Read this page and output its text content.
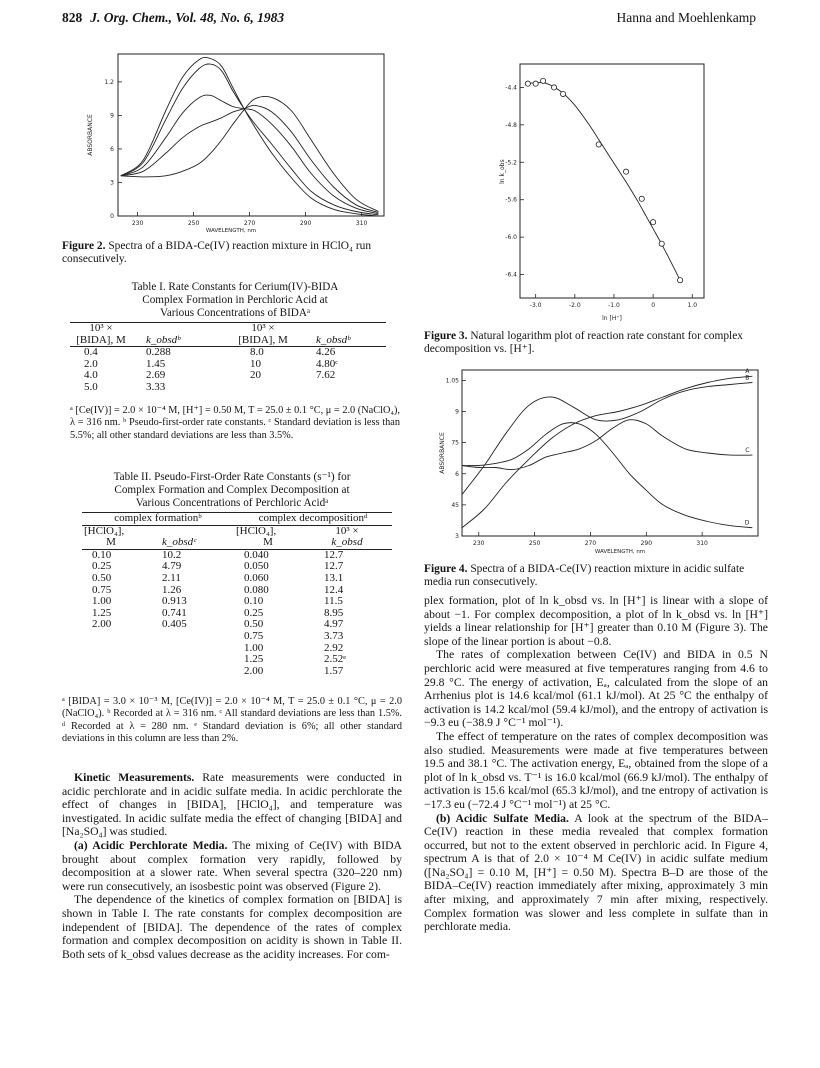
828 J. Org. Chem., Vol. 48, No. 6, 1983	Hanna and Moehlenkamp
230	250	270	290	310
0
3
6
9
1.2
WAVELENGTH, nm
ABSORBANCE
Figure 2. Spectra of a BIDA-Ce(IV) reaction mixture in HClO₄ run consecutively.
Table I. Rate Constants for Cerium(IV)-BIDA
Complex Formation in Perchloric Acid at
Various Concentrations of BIDAᵃ
10³ ×		10³ ×	
[BIDA], M	k_obsdᵇ	[BIDA], M	k_obsdᵇ
0.4	0.288	8.0	4.26
2.0	1.45	10	4.80ᶜ
4.0	2.69	20	7.62
5.0	3.33		
ᵃ [Ce(IV)] = 2.0 × 10⁻⁴ M, [H⁺] = 0.50 M, T = 25.0 ± 0.1 °C, μ = 2.0 (NaClO₄), λ = 316 nm. ᵇ Pseudo-first-order rate constants. ᶜ Standard deviation is less than 5.5%; all other standard deviations are less than 3.5%.
Table II. Pseudo-First-Order Rate Constants (s⁻¹) for
Complex Formation and Complex Decomposition at
Various Concentrations of Perchloric Acidᵃ
complex formationᵇ		complex decompositionᵈ	
[HClO₄],		[HClO₄],	10³ ×
M	k_obsdᶜ	M	k_obsd
0.10	10.2	0.040	12.7
0.25	4.79	0.050	12.7
0.50	2.11	0.060	13.1
0.75	1.26	0.080	12.4
1.00	0.913	0.10	11.5
1.25	0.741	0.25	8.95
2.00	0.405	0.50	4.97
		0.75	3.73
		1.00	2.92
		1.25	2.52ᵉ
		2.00	1.57
ᵃ [BIDA] = 3.0 × 10⁻³ M, [Ce(IV)] = 2.0 × 10⁻⁴ M, T = 25.0 ± 0.1 °C, μ = 2.0 (NaClO₄). ᵇ Recorded at λ = 316 nm. ᶜ All standard deviations are less than 1.5%. ᵈ Recorded at λ = 280 nm. ᵉ Standard deviation is 6%; all other standard deviations in this column are less than 2%.

Kinetic Measurements. Rate measurements were conducted in acidic perchlorate and in acidic sulfate media. In acidic perchlorate the effect of changes in [BIDA], [HClO₄], and temperature was investigated. In acidic sulfate media the effect of changing [BIDA] and [Na₂SO₄] was studied.

(a) Acidic Perchlorate Media. The mixing of Ce(IV) with BIDA brought about complex formation very rapidly, followed by decomposition at a slower rate. When several spectra (320–220 nm) were run consecutively, an isosbestic point was observed (Figure 2).

The dependence of the kinetics of complex formation on [BIDA] is shown in Table I. The rate constants for complex decomposition are independent of [BIDA]. The dependence of the rates of complex formation and complex decomposition on acidity is shown in Table II. Both sets of k_obsd values decrease as the acidity increases. For com-

-3.0	-2.0	-1.0	0	1.0
-4.4
-4.8
-5.2
-5.6
-6.0
-6.4
ln [H⁺]
ln k_obs
Figure 3. Natural logarithm plot of reaction rate constant for complex decomposition vs. [H⁺].
230	250	270	290	310
3
45
6
75
9
1.05
WAVELENGTH, nm
ABSORBANCE
A
B
C
D
Figure 4. Spectra of a BIDA-Ce(IV) reaction mixture in acidic sulfate media run consecutively.

plex formation, plot of ln k_obsd vs. ln [H⁺] is linear with a slope of about −1. For complex decomposition, a plot of ln k_obsd vs. ln [H⁺] yields a linear relationship for [H⁺] greater than 0.10 M (Figure 3). The slope of the linear portion is about −0.8.

The rates of complexation between Ce(IV) and BIDA in 0.5 N perchloric acid were measured at five temperatures ranging from 4.6 to 29.8 °C. The energy of activation, Eₐ, calculated from the slope of an Arrhenius plot is 14.6 kcal/mol (61.1 kJ/mol). At 25 °C the enthalpy of activation is 14.2 kcal/mol (59.4 kJ/mol), and the entropy of activation is −9.3 eu (−38.9 J °C⁻¹ mol⁻¹).

The effect of temperature on the rates of complex decomposition was also studied. Measurements were made at five temperatures between 19.5 and 38.1 °C. The activation energy, Eₐ, obtained from the slope of a plot of ln k_obsd vs. T⁻¹ is 16.0 kcal/mol (66.9 kJ/mol). The enthalpy of activation is 15.6 kcal/mol (65.3 kJ/mol), and tne entropy of activation is −17.3 eu (−72.4 J °C⁻¹ mol⁻¹) at 25 °C.

(b) Acidic Sulfate Media. A look at the spectrum of the BIDA–Ce(IV) reaction in these media revealed that complex formation occurred, but not to the extent observed in perchloric acid. In Figure 4, spectrum A is that of 2.0 × 10⁻⁴ M Ce(IV) in acidic sulfate medium ([Na₂SO₄] = 0.10 M, [H⁺] = 0.50 M). Spectra B–D are those of the BIDA–Ce(IV) reaction immediately after mixing, approximately 3 min after mixing, and approximately 7 min after mixing, respectively. Complex formation was slower and less complete in sulfate than in perchlorate media.
